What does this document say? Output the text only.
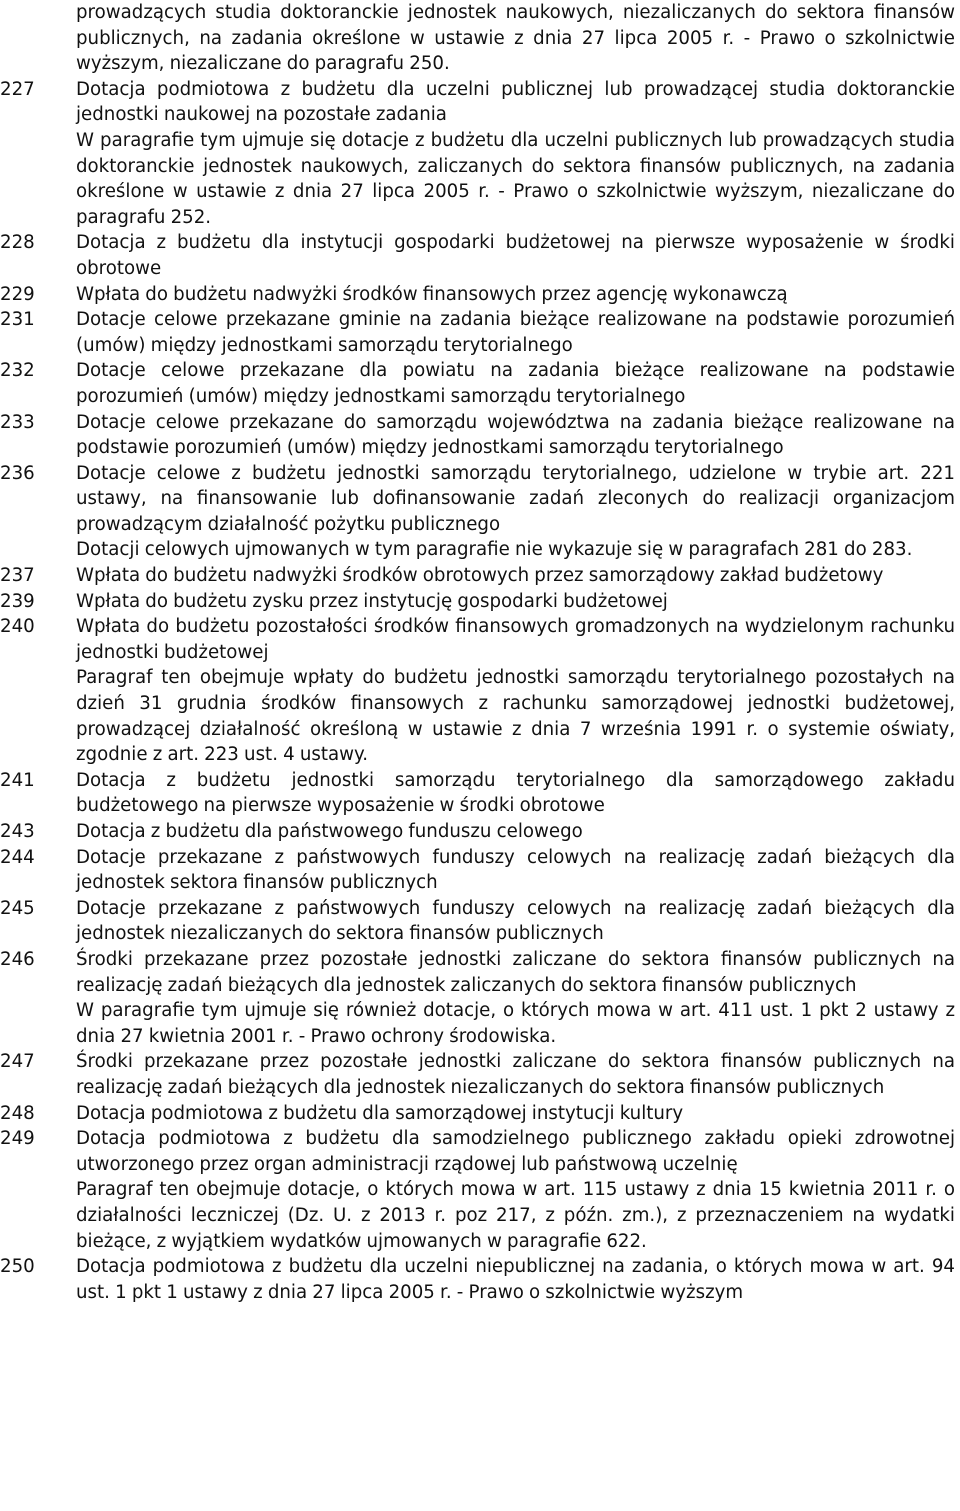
prowadzących studia doktoranckie jednostek naukowych, niezaliczanych do sektora finansów publicznych, na zadania określone w ustawie z dnia 27 lipca 2005 r. - Prawo o szkolnictwie wyższym, niezaliczane do paragrafu 250.

227	Dotacja podmiotowa z budżetu dla uczelni publicznej lub prowadzącej studia doktoranckie jednostki naukowej na pozostałe zadania

W paragrafie tym ujmuje się dotacje z budżetu dla uczelni publicznych lub prowadzących studia doktoranckie jednostek naukowych, zaliczanych do sektora finansów publicznych, na zadania określone w ustawie z dnia 27 lipca 2005 r. - Prawo o szkolnictwie wyższym, niezaliczane do paragrafu 252.

228	Dotacja z budżetu dla instytucji gospodarki budżetowej na pierwsze wyposażenie w środki obrotowe

229	Wpłata do budżetu nadwyżki środków finansowych przez agencję wykonawczą

231	Dotacje celowe przekazane gminie na zadania bieżące realizowane na podstawie porozumień (umów) między jednostkami samorządu terytorialnego

232	Dotacje celowe przekazane dla powiatu na zadania bieżące realizowane na podstawie porozumień (umów) między jednostkami samorządu terytorialnego

233	Dotacje celowe przekazane do samorządu województwa na zadania bieżące realizowane na podstawie porozumień (umów) między jednostkami samorządu terytorialnego

236	Dotacje celowe z budżetu jednostki samorządu terytorialnego, udzielone w trybie art. 221 ustawy, na finansowanie lub dofinansowanie zadań zleconych do realizacji organizacjom prowadzącym działalność pożytku publicznego

Dotacji celowych ujmowanych w tym paragrafie nie wykazuje się w paragrafach 281 do 283.

237	Wpłata do budżetu nadwyżki środków obrotowych przez samorządowy zakład budżetowy

239	Wpłata do budżetu zysku przez instytucję gospodarki budżetowej

240	Wpłata do budżetu pozostałości środków finansowych gromadzonych na wydzielonym rachunku jednostki budżetowej

Paragraf ten obejmuje wpłaty do budżetu jednostki samorządu terytorialnego pozostałych na dzień 31 grudnia środków finansowych z rachunku samorządowej jednostki budżetowej, prowadzącej działalność określoną w ustawie z dnia 7 września 1991 r. o systemie oświaty, zgodnie z art. 223 ust. 4 ustawy.

241	Dotacja z budżetu jednostki samorządu terytorialnego dla samorządowego zakładu budżetowego na pierwsze wyposażenie w środki obrotowe

243	Dotacja z budżetu dla państwowego funduszu celowego

244	Dotacje przekazane z państwowych funduszy celowych na realizację zadań bieżących dla jednostek sektora finansów publicznych

245	Dotacje przekazane z państwowych funduszy celowych na realizację zadań bieżących dla jednostek niezaliczanych do sektora finansów publicznych

246	Środki przekazane przez pozostałe jednostki zaliczane do sektora finansów publicznych na realizację zadań bieżących dla jednostek zaliczanych do sektora finansów publicznych

W paragrafie tym ujmuje się również dotacje, o których mowa w art. 411 ust. 1 pkt 2 ustawy z dnia 27 kwietnia 2001 r. - Prawo ochrony środowiska.

247	Środki przekazane przez pozostałe jednostki zaliczane do sektora finansów publicznych na realizację zadań bieżących dla jednostek niezaliczanych do sektora finansów publicznych

248	Dotacja podmiotowa z budżetu dla samorządowej instytucji kultury

249	Dotacja podmiotowa z budżetu dla samodzielnego publicznego zakładu opieki zdrowotnej utworzonego przez organ administracji rządowej lub państwową uczelnię

Paragraf ten obejmuje dotacje, o których mowa w art. 115 ustawy z dnia 15 kwietnia 2011 r. o działalności leczniczej (Dz. U. z 2013 r. poz 217, z późn. zm.), z przeznaczeniem na wydatki bieżące, z wyjątkiem wydatków ujmowanych w paragrafie 622.

250	Dotacja podmiotowa z budżetu dla uczelni niepublicznej na zadania, o których mowa w art. 94 ust. 1 pkt 1 ustawy z dnia 27 lipca 2005 r. - Prawo o szkolnictwie wyższym
